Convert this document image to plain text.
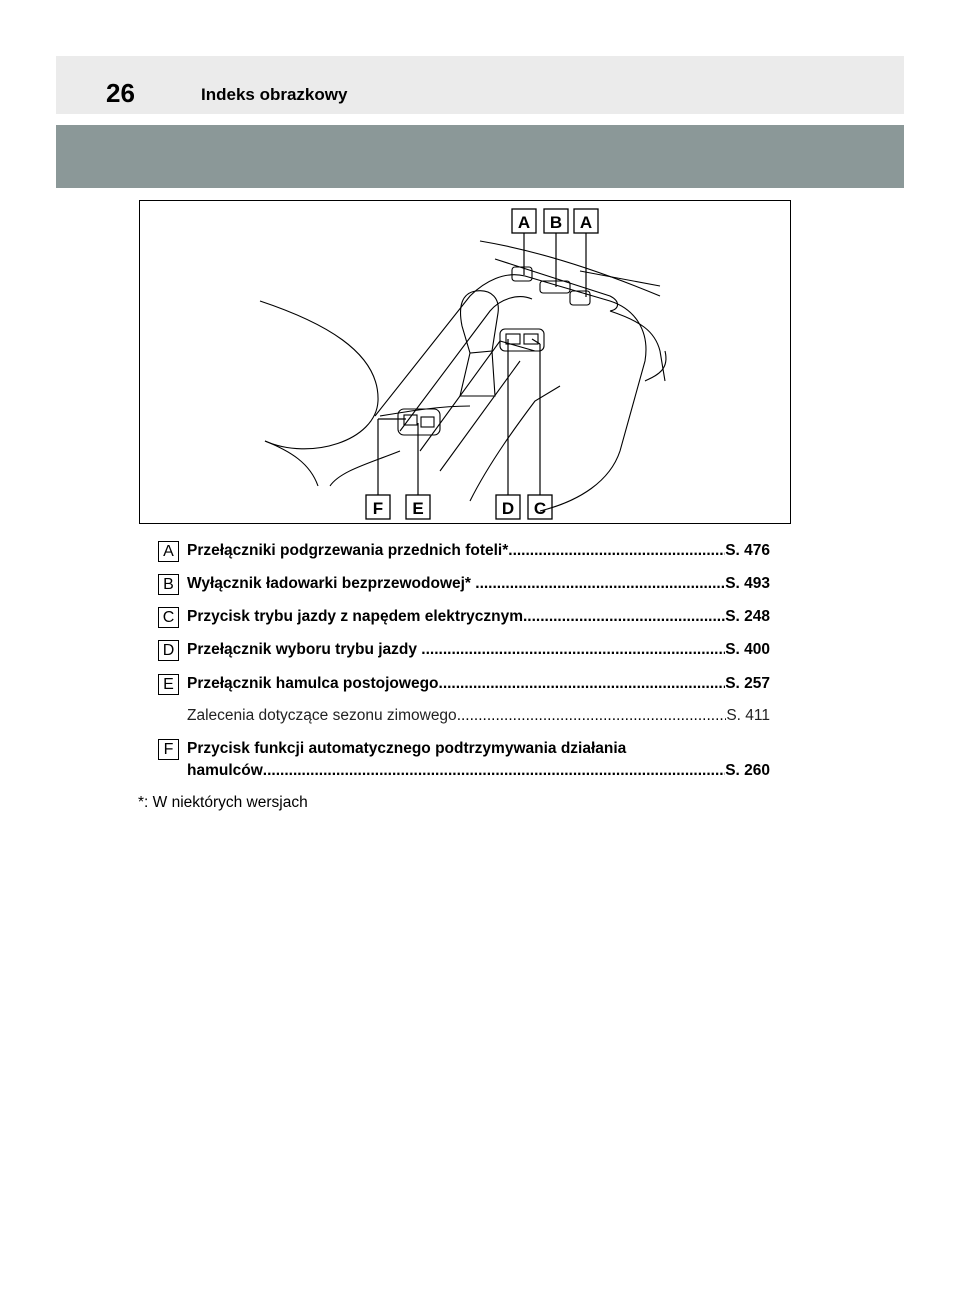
26	Indeks obrazkowy
A B A
F E	D C
A Przełączniki podgrzewania przednich foteli* .....	S. 476
B Wyłącznik ładowarki bezprzewodowej* .....	S. 493
C Przycisk trybu jazdy z napędem elektrycznym .....	S. 248
D Przełącznik wyboru trybu jazdy .....	S. 400
E Przełącznik hamulca postojowego .....	S. 257
Zalecenia dotyczące sezonu zimowego .....	S. 411
F Przycisk funkcji automatycznego podtrzymywania działania
hamulców .....	S. 260
*: W niektórych wersjach
